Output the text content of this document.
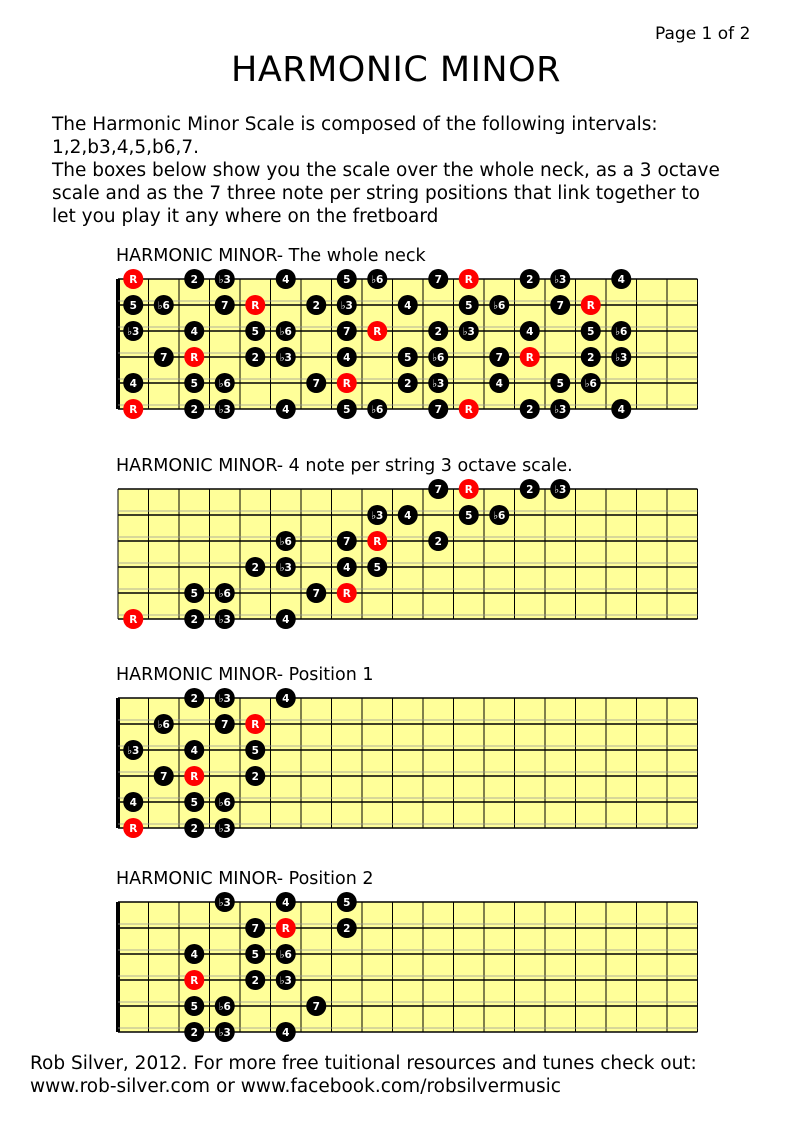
Page 1 of 2
HARMONIC MINOR
The Harmonic Minor Scale is composed of the following intervals:
1,2,b3,4,5,b6,7.
The boxes below show you the scale over the whole neck, as a 3 octave
scale and as the 7 three note per string positions that link together to
let you play it any where on the fretboard
HARMONIC MINOR- The whole neck
R	2 ♭3	4	5 ♭6	7 R	2 ♭3	4
5 ♭6	7 R	2 ♭3	4	5 ♭6	7 R
♭3	4	5 ♭6	7 R	2 ♭3	4	5 ♭6
7 R	2 ♭3	4	5 ♭6	7 R	2 ♭3
4	5 ♭6	7 R	2 ♭3	4	5 ♭6
R	2 ♭3	4	5 ♭6	7 R	2 ♭3	4
HARMONIC MINOR- 4 note per string 3 octave scale.
7 R	2 ♭3
♭3 4	5 ♭6
♭6	7 R	2
2 ♭3	4 5
5 ♭6	7 R
R	2 ♭3	4
HARMONIC MINOR- Position 1
2 ♭3	4
♭6	7 R
♭3	4	5
7 R	2
4	5 ♭6
R	2 ♭3
HARMONIC MINOR- Position 2
♭3	4	5
7 R	2
4	5 ♭6
R	2 ♭3
5 ♭6	7
2 ♭3	4
Rob Silver, 2012. For more free tuitional resources and tunes check out:
www.rob-silver.com or www.facebook.com/robsilvermusic
